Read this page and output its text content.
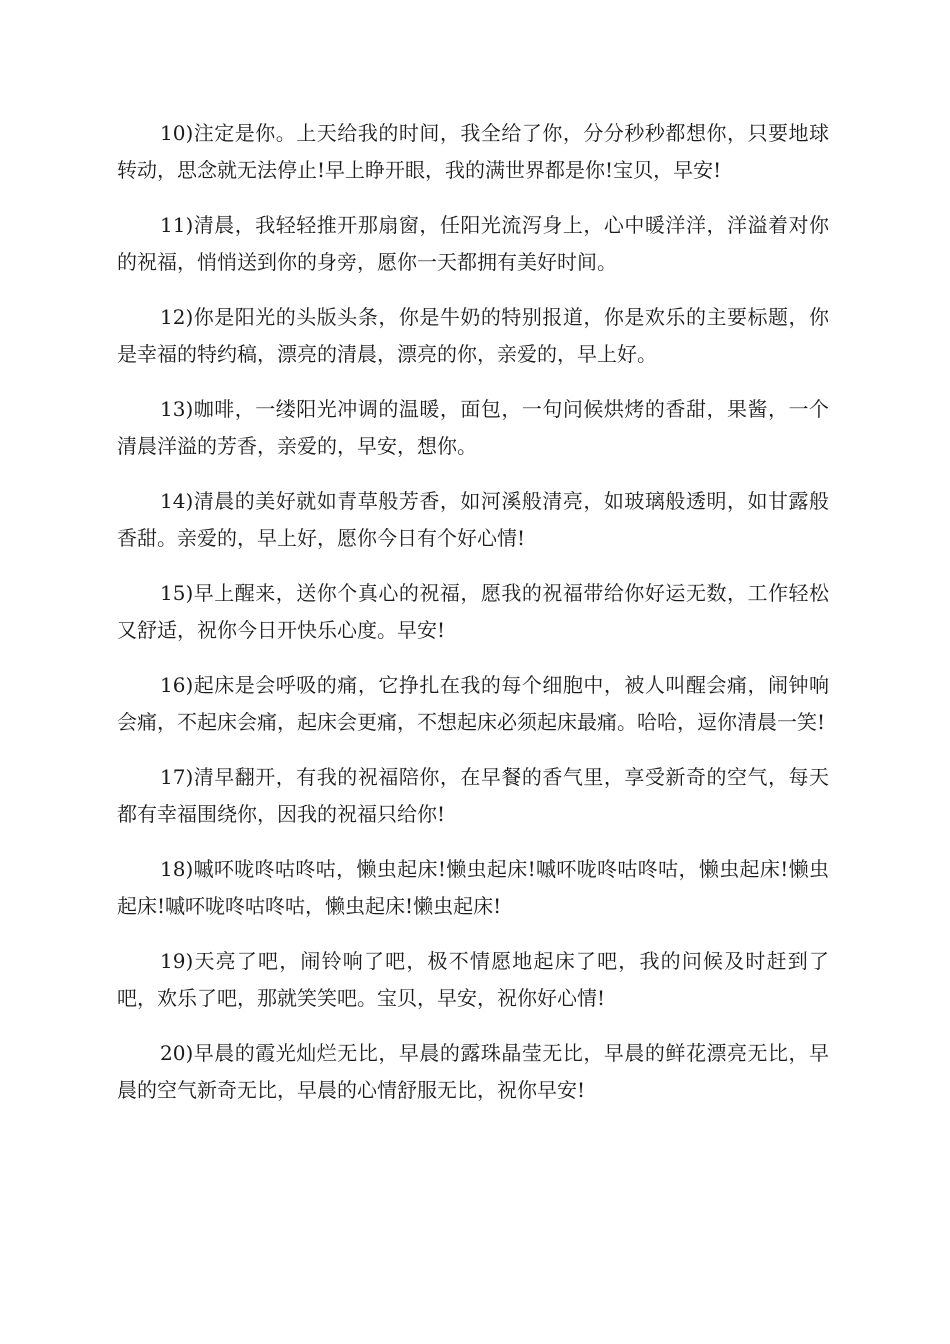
10)注定是你。上天给我的时间，我全给了你，分分秒秒都想你，只要地球转动，思念就无法停止!早上睁开眼，我的满世界都是你!宝贝，早安!

11)清晨，我轻轻推开那扇窗，任阳光流泻身上，心中暖洋洋，洋溢着对你的祝福，悄悄送到你的身旁，愿你一天都拥有美好时间。

12)你是阳光的头版头条，你是牛奶的特别报道，你是欢乐的主要标题，你是幸福的特约稿，漂亮的清晨，漂亮的你，亲爱的，早上好。

13)咖啡，一缕阳光冲调的温暖，面包，一句问候烘烤的香甜，果酱，一个清晨洋溢的芳香，亲爱的，早安，想你。

14)清晨的美好就如青草般芳香，如河溪般清亮，如玻璃般透明，如甘露般香甜。亲爱的，早上好，愿你今日有个好心情!

15)早上醒来，送你个真心的祝福，愿我的祝福带给你好运无数，工作轻松又舒适，祝你今日开快乐心度。早安!

16)起床是会呼吸的痛，它挣扎在我的每个细胞中，被人叫醒会痛，闹钟响会痛，不起床会痛，起床会更痛，不想起床必须起床最痛。哈哈，逗你清晨一笑!

17)清早翻开，有我的祝福陪你，在早餐的香气里，享受新奇的空气，每天都有幸福围绕你，因我的祝福只给你!

18)嘁吥咙咚咕咚咕，懒虫起床!懒虫起床!嘁吥咙咚咕咚咕，懒虫起床!懒虫起床!嘁吥咙咚咕咚咕，懒虫起床!懒虫起床!

19)天亮了吧，闹铃响了吧，极不情愿地起床了吧，我的问候及时赶到了吧，欢乐了吧，那就笑笑吧。宝贝，早安，祝你好心情!

20)早晨的霞光灿烂无比，早晨的露珠晶莹无比，早晨的鲜花漂亮无比，早晨的空气新奇无比，早晨的心情舒服无比，祝你早安!
